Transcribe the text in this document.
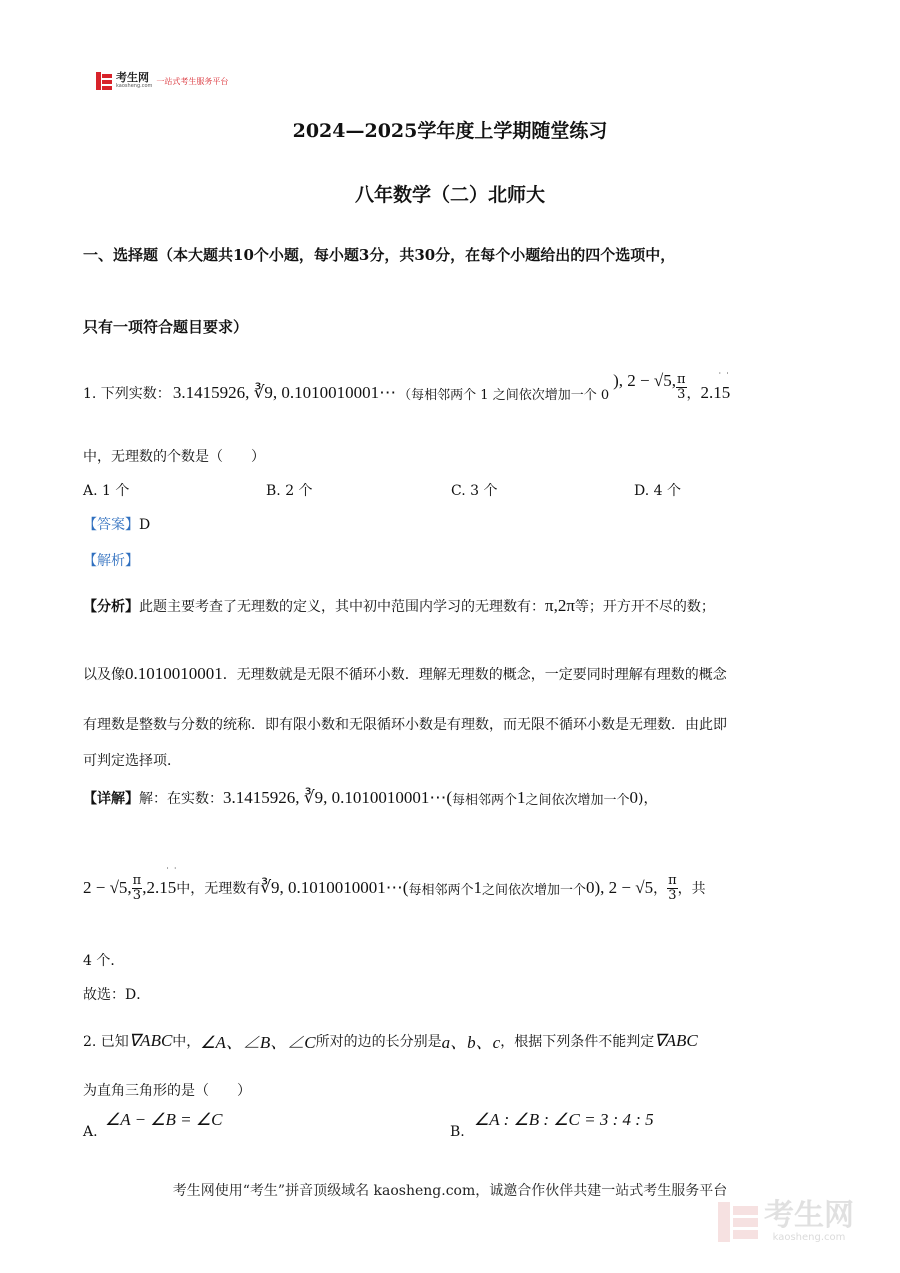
考生网
kaosheng.com
一站式考生服务平台
2024—2025学年度上学期随堂练习
八年数学（二）北师大
一、选择题（本大题共10个小题，每小题3分，共30分，在每个小题给出的四个选项中，
只有一项符合题目要求）
1. 下列实数： 3.1415926, ∛9, 0.1010010001⋯ （每相邻两个 1 之间依次增加一个 0
), 2 − √5, $\frac{\pi}{3}$ ，
··
2.15
中，无理数的个数是（　　）
A. 1 个	B. 2 个	C. 3 个	D. 4 个
【答案】D
【解析】
【分析】此题主要考查了无理数的定义，其中初中范围内学习的无理数有：π,2π等；开方开不尽的数；
以及像0.1010010001．无理数就是无限不循环小数．理解无理数的概念，一定要同时理解有理数的概念
有理数是整数与分数的统称．即有限小数和无限循环小数是有理数，而无限不循环小数是无理数．由此即
可判定选择项．
【详解】 解：在实数： 3.1415926, ∛9, 0.1010010001⋯( 每相邻两个 1 之间依次增加一个 0 )，
2 − √5, $\frac{\pi}{3}$
··
,2.15 中，无理数有 ∛9, 0.1010010001⋯( 每相邻两个 1 之间依次增加一个 0 ), 2 − √5 ， $\frac{\pi}{3}$ ，共
4 个．
故选：D．
2. 已知 ∇ABC 中， ∠A、∠B、∠C 所对的边的长分别是 a、b、c ，根据下列条件不能判定 ∇ABC
为直角三角形的是（　　）
∠A − ∠B = ∠C
A.
∠A : ∠B : ∠C = 3 : 4 : 5
B.
考生网使用“考生”拼音顶级域名 kaosheng.com，诚邀合作伙伴共建一站式考生服务平台
考生网
kaosheng.com
